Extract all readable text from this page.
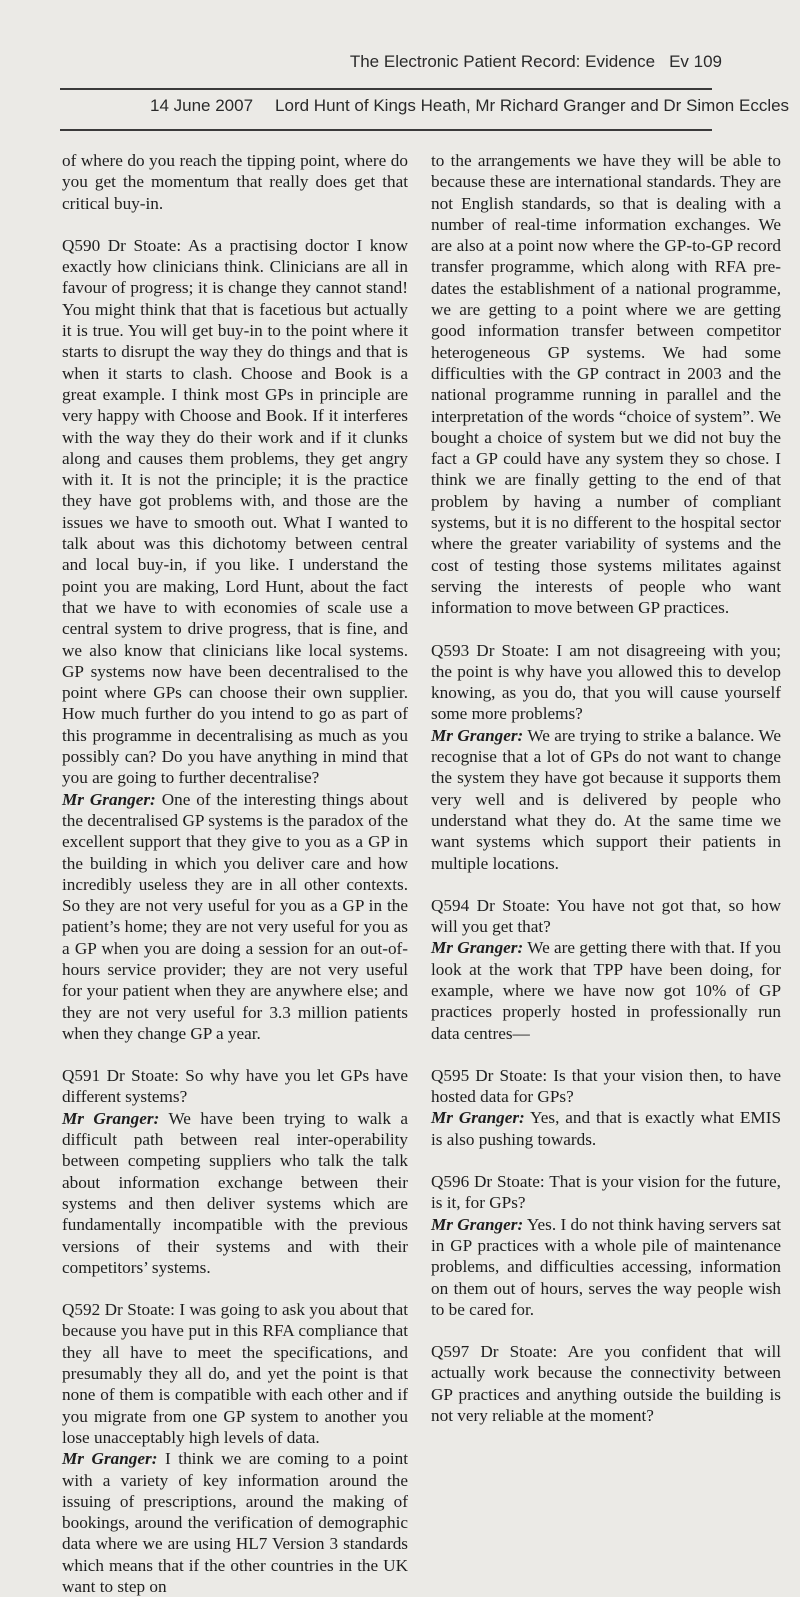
The Electronic Patient Record: Evidence Ev 109
14 June 2007 Lord Hunt of Kings Heath, Mr Richard Granger and Dr Simon Eccles

of where do you reach the tipping point, where do you get the momentum that really does get that critical buy-in.

Q590 Dr Stoate: As a practising doctor I know exactly how clinicians think. Clinicians are all in favour of progress; it is change they cannot stand! You might think that that is facetious but actually it is true. You will get buy-in to the point where it starts to disrupt the way they do things and that is when it starts to clash. Choose and Book is a great example. I think most GPs in principle are very happy with Choose and Book. If it interferes with the way they do their work and if it clunks along and causes them problems, they get angry with it. It is not the principle; it is the practice they have got problems with, and those are the issues we have to smooth out. What I wanted to talk about was this dichotomy between central and local buy-in, if you like. I understand the point you are making, Lord Hunt, about the fact that we have to with economies of scale use a central system to drive progress, that is fine, and we also know that clinicians like local systems. GP systems now have been decentralised to the point where GPs can choose their own supplier. How much further do you intend to go as part of this programme in decentralising as much as you possibly can? Do you have anything in mind that you are going to further decentralise?

Mr Granger: One of the interesting things about the decentralised GP systems is the paradox of the excellent support that they give to you as a GP in the building in which you deliver care and how incredibly useless they are in all other contexts. So they are not very useful for you as a GP in the patient’s home; they are not very useful for you as a GP when you are doing a session for an out-of-hours service provider; they are not very useful for your patient when they are anywhere else; and they are not very useful for 3.3 million patients when they change GP a year.

Q591 Dr Stoate: So why have you let GPs have different systems?

Mr Granger: We have been trying to walk a difficult path between real inter-operability between competing suppliers who talk the talk about information exchange between their systems and then deliver systems which are fundamentally incompatible with the previous versions of their systems and with their competitors’ systems.

Q592 Dr Stoate: I was going to ask you about that because you have put in this RFA compliance that they all have to meet the specifications, and presumably they all do, and yet the point is that none of them is compatible with each other and if you migrate from one GP system to another you lose unacceptably high levels of data.

Mr Granger: I think we are coming to a point with a variety of key information around the issuing of prescriptions, around the making of bookings, around the verification of demographic data where we are using HL7 Version 3 standards which means that if the other countries in the UK want to step on

to the arrangements we have they will be able to because these are international standards. They are not English standards, so that is dealing with a number of real-time information exchanges. We are also at a point now where the GP-to-GP record transfer programme, which along with RFA pre-dates the establishment of a national programme, we are getting to a point where we are getting good information transfer between competitor heterogeneous GP systems. We had some difficulties with the GP contract in 2003 and the national programme running in parallel and the interpretation of the words “choice of system”. We bought a choice of system but we did not buy the fact a GP could have any system they so chose. I think we are finally getting to the end of that problem by having a number of compliant systems, but it is no different to the hospital sector where the greater variability of systems and the cost of testing those systems militates against serving the interests of people who want information to move between GP practices.

Q593 Dr Stoate: I am not disagreeing with you; the point is why have you allowed this to develop knowing, as you do, that you will cause yourself some more problems?

Mr Granger: We are trying to strike a balance. We recognise that a lot of GPs do not want to change the system they have got because it supports them very well and is delivered by people who understand what they do. At the same time we want systems which support their patients in multiple locations.

Q594 Dr Stoate: You have not got that, so how will you get that?

Mr Granger: We are getting there with that. If you look at the work that TPP have been doing, for example, where we have now got 10% of GP practices properly hosted in professionally run data centres—

Q595 Dr Stoate: Is that your vision then, to have hosted data for GPs?

Mr Granger: Yes, and that is exactly what EMIS is also pushing towards.

Q596 Dr Stoate: That is your vision for the future, is it, for GPs?

Mr Granger: Yes. I do not think having servers sat in GP practices with a whole pile of maintenance problems, and difficulties accessing, information on them out of hours, serves the way people wish to be cared for.

Q597 Dr Stoate: Are you confident that will actually work because the connectivity between GP practices and anything outside the building is not very reliable at the moment?
